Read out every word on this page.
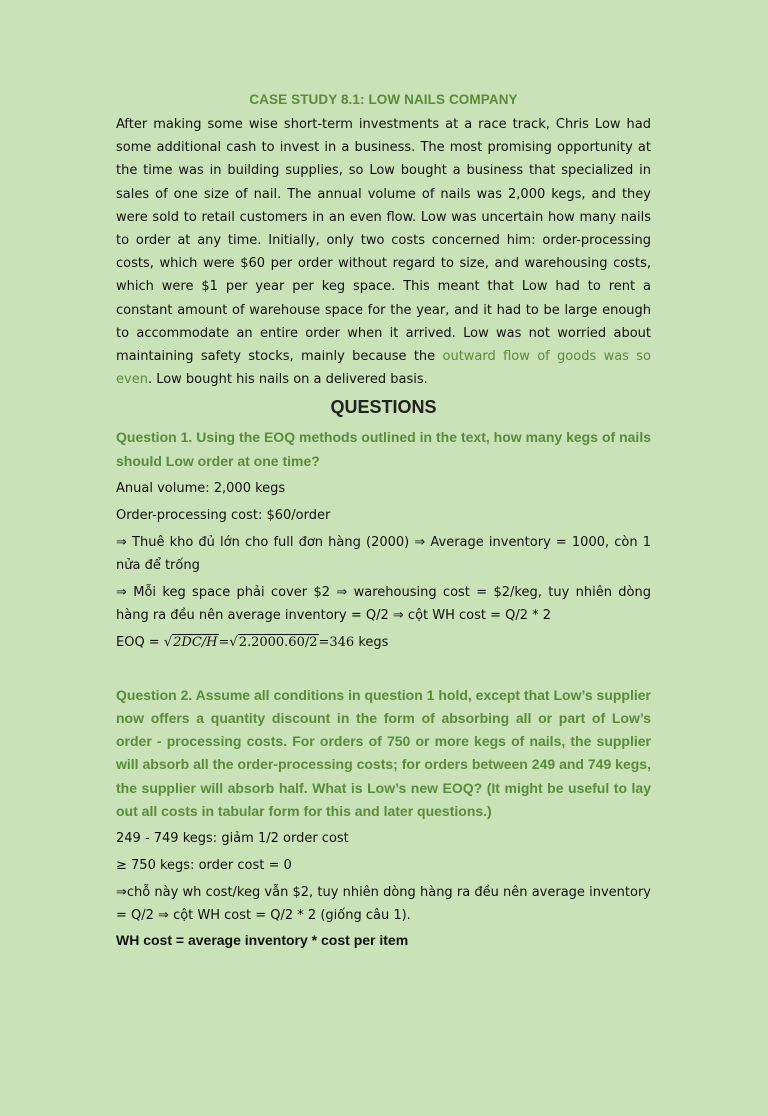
CASE STUDY 8.1: LOW NAILS COMPANY

After making some wise short-term investments at a race track, Chris Low had some additional cash to invest in a business. The most promising opportunity at the time was in building supplies, so Low bought a business that specialized in sales of one size of nail. The annual volume of nails was 2,000 kegs, and they were sold to retail customers in an even flow. Low was uncertain how many nails to order at any time. Initially, only two costs concerned him: order-processing costs, which were $60 per order without regard to size, and warehousing costs, which were $1 per year per keg space. This meant that Low had to rent a constant amount of warehouse space for the year, and it had to be large enough to accommodate an entire order when it arrived. Low was not worried about maintaining safety stocks, mainly because the outward flow of goods was so even. Low bought his nails on a delivered basis.

QUESTIONS

Question 1. Using the EOQ methods outlined in the text, how many kegs of nails should Low order at one time?

Anual volume: 2,000 kegs

Order-processing cost: $60/order

⇒ Thuê kho đủ lớn cho full đơn hàng (2000) ⇒ Average inventory = 1000, còn 1 nửa để trống

⇒ Mỗi keg space phải cover $2 ⇒ warehousing cost = $2/keg, tuy nhiên dòng hàng ra đều nên average inventory = Q/2 ⇒ cột WH cost = Q/2 * 2

EOQ = √2DC/H=√2.2000.60/2=346 kegs

Question 2. Assume all conditions in question 1 hold, except that Low’s supplier now offers a quantity discount in the form of absorbing all or part of Low’s order - processing costs. For orders of 750 or more kegs of nails, the supplier will absorb all the order-processing costs; for orders between 249 and 749 kegs, the supplier will absorb half. What is Low’s new EOQ? (It might be useful to lay out all costs in tabular form for this and later questions.)

249 - 749 kegs: giảm 1/2 order cost

≥ 750 kegs: order cost = 0

⇒chỗ này wh cost/keg vẫn $2, tuy nhiên dòng hàng ra đều nên average inventory = Q/2 ⇒ cột WH cost = Q/2 * 2 (giống câu 1).

WH cost = average inventory * cost per item
